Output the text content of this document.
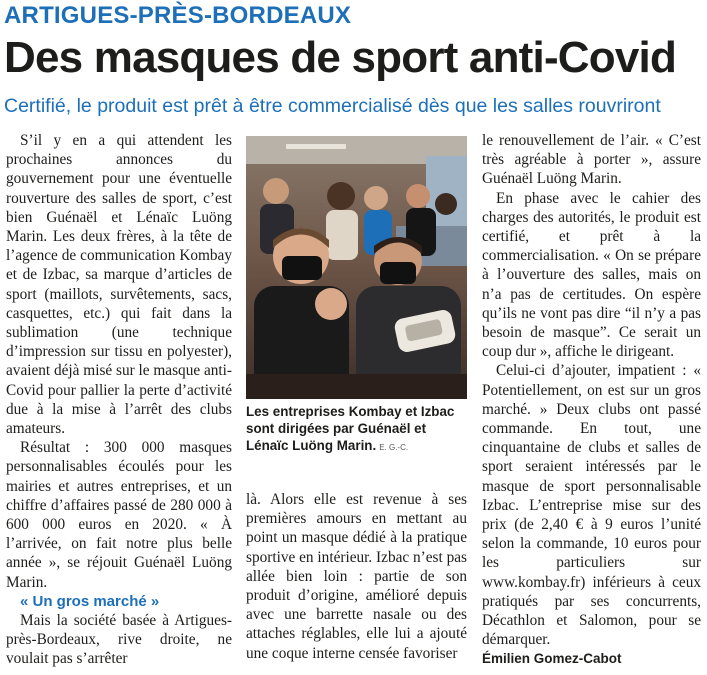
ARTIGUES-PRÈS-BORDEAUX
Des masques de sport anti-Covid
Certifié, le produit est prêt à être commercialisé dès que les salles rouvriront

S’il y en a qui attendent les prochaines annonces du gouvernement pour une éventuelle rouverture des salles de sport, c’est bien Guénaël et Lénaïc Luöng Marin. Les deux frères, à la tête de l’agence de communication Kombay et de Izbac, sa marque d’articles de sport (maillots, survêtements, sacs, casquettes, etc.) qui fait dans la sublimation (une technique d’impression sur tissu en polyester), avaient déjà misé sur le masque anti-Covid pour pallier la perte d’activité due à la mise à l’arrêt des clubs amateurs.

Résultat : 300 000 masques personnalisables écoulés pour les mairies et autres entreprises, et un chiffre d’affaires passé de 280 000 à 600 000 euros en 2020. « À l’arrivée, on fait notre plus belle année », se réjouit Guénaël Luöng Marin.

« Un gros marché »

Mais la société basée à Artigues-près-Bordeaux, rive droite, ne voulait pas s’arrêter

Les entreprises Kombay et Izbac sont dirigées par Guénaël et Lénaïc Luöng Marin. E. G.-C.

là. Alors elle est revenue à ses premières amours en mettant au point un masque dédié à la pratique sportive en intérieur. Izbac n’est pas allée bien loin : partie de son produit d’origine, amélioré depuis avec une barrette nasale ou des attaches réglables, elle lui a ajouté une coque interne censée favoriser

le renouvellement de l’air. « C’est très agréable à porter », assure Guénaël Luöng Marin.

En phase avec le cahier des charges des autorités, le produit est certifié, et prêt à la commercialisation. « On se prépare à l’ouverture des salles, mais on n’a pas de certitudes. On espère qu’ils ne vont pas dire “il n’y a pas besoin de masque”. Ce serait un coup dur », affiche le dirigeant.

Celui-ci d’ajouter, impatient : « Potentiellement, on est sur un gros marché. » Deux clubs ont passé commande. En tout, une cinquantaine de clubs et salles de sport seraient intéressés par le masque de sport personnalisable Izbac. L’entreprise mise sur des prix (de 2,40 € à 9 euros l’unité selon la commande, 10 euros pour les particuliers sur www.kombay.fr) inférieurs à ceux pratiqués par ses concurrents, Décathlon et Salomon, pour se démarquer.

Émilien Gomez-Cabot
